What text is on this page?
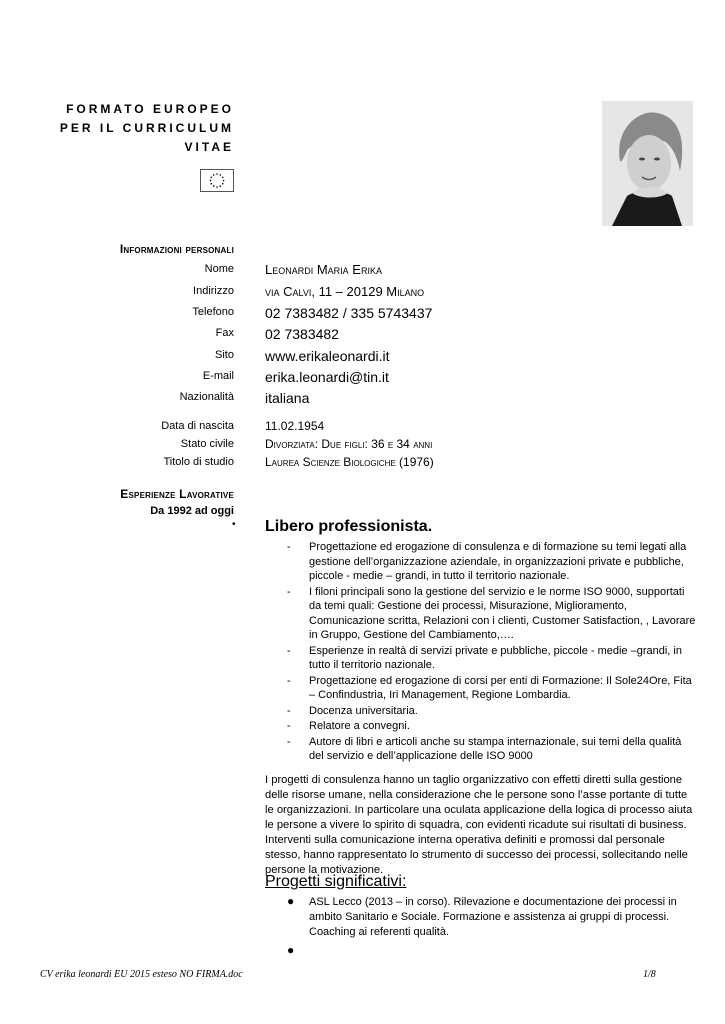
FORMATO EUROPEO
PER IL CURRICULUM
VITAE
Informazioni personali
Nome Leonardi Maria Erika
Indirizzo via Calvi, 11 – 20129 Milano
Telefono 02 7383482 / 335 5743437
Fax 02 7383482
Sito www.erikaleonardi.it
E-mail erika.leonardi@tin.it
Nazionalità italiana
Data di nascita	11.02.1954
Stato civile	Divorziata: Due figli: 36 e 34 anni
Titolo di studio	Laurea Scienze Biologiche (1976)
Esperienze Lavorative
Da 1992 ad oggi
• Libero professionista.
- Progettazione ed erogazione di consulenza e di formazione su temi legati alla gestione dell’organizzazione aziendale, in organizzazioni private e pubbliche, piccole - medie – grandi, in tutto il territorio nazionale.
- I filoni principali sono la gestione del servizio e le norme ISO 9000, supportati da temi quali: Gestione dei processi, Misurazione, Miglioramento, Comunicazione scritta, Relazioni con i clienti, Customer Satisfaction, , Lavorare in Gruppo, Gestione del Cambiamento,….
- Esperienze in realtà di servizi private e pubbliche, piccole - medie –grandi, in tutto il territorio nazionale.
- Progettazione ed erogazione di corsi per enti di Formazione: Il Sole24Ore, Fita – Confindustria, Iri Management, Regione Lombardia.
- Docenza universitaria.
- Relatore a convegni.
- Autore di libri e articoli anche su stampa internazionale, sui temi della qualità del servizio e dell’applicazione delle ISO 9000
I progetti di consulenza hanno un taglio organizzativo con effetti diretti sulla gestione delle risorse umane, nella considerazione che le persone sono l’asse portante di tutte le organizzazioni. In particolare una oculata applicazione della logica di processo aiuta le persone a vivere lo spirito di squadra, con evidenti ricadute sui risultati di business. Interventi sulla comunicazione interna operativa definiti e promossi dal personale stesso, hanno rappresentato lo strumento di successo dei processi, sollecitando nelle persone la motivazione.
Progetti significativi:
● ASL Lecco (2013 – in corso). Rilevazione e documentazione dei processi in ambito Sanitario e Sociale. Formazione e assistenza ai gruppi di processi. Coaching ai referenti qualità.
●
CV erika leonardi EU 2015 esteso NO FIRMA.doc	1/8
